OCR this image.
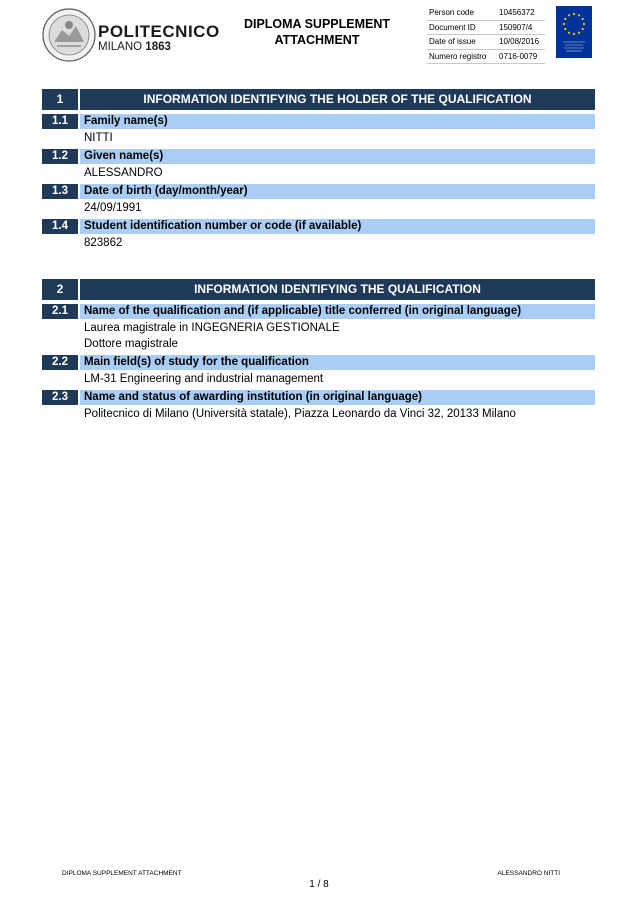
POLITECNICO
MILANO 1863
DIPLOMA SUPPLEMENT
ATTACHMENT
Person code	10456372
Document ID	150907/4
Date of issue	10/08/2016
Numero registro 0716-0079
1	INFORMATION IDENTIFYING THE HOLDER OF THE QUALIFICATION
1.1	Family name(s)
NITTI
1.2	Given name(s)
ALESSANDRO
1.3	Date of birth (day/month/year)
24/09/1991
1.4	Student identification number or code (if available)
823862
2	INFORMATION IDENTIFYING THE QUALIFICATION
2.1	Name of the qualification and (if applicable) title conferred (in original language)
Laurea magistrale in INGEGNERIA GESTIONALE
Dottore magistrale
2.2	Main field(s) of study for the qualification
LM-31 Engineering and industrial management
2.3	Name and status of awarding institution (in original language)
Politecnico di Milano (Università statale), Piazza Leonardo da Vinci 32, 20133 Milano
DIPLOMA SUPPLEMENT ATTACHMENT	ALESSANDRO NITTI
1 / 8
